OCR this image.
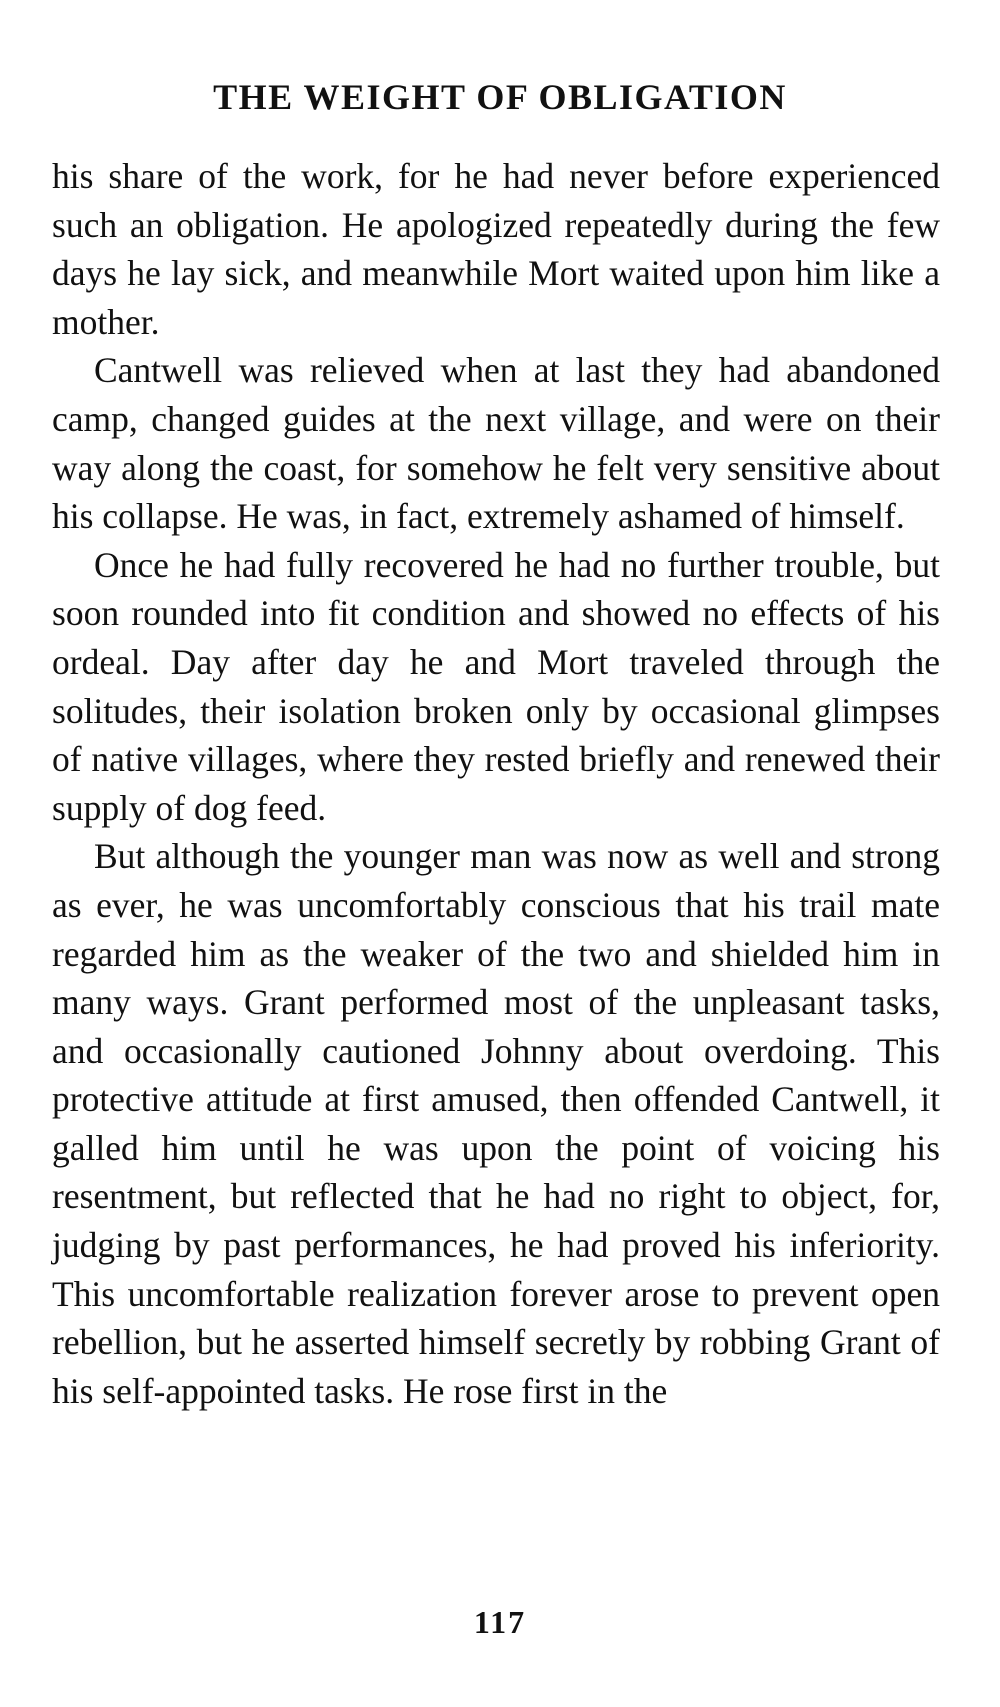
THE WEIGHT OF OBLIGATION

his share of the work, for he had never before experienced such an obligation. He apologized repeatedly during the few days he lay sick, and meanwhile Mort waited upon him like a mother.

Cantwell was relieved when at last they had abandoned camp, changed guides at the next village, and were on their way along the coast, for somehow he felt very sensitive about his collapse. He was, in fact, extremely ashamed of himself.

Once he had fully recovered he had no further trouble, but soon rounded into fit condition and showed no effects of his ordeal. Day after day he and Mort traveled through the solitudes, their isolation broken only by occasional glimpses of native villages, where they rested briefly and renewed their supply of dog feed.

But although the younger man was now as well and strong as ever, he was uncomfortably conscious that his trail mate regarded him as the weaker of the two and shielded him in many ways. Grant performed most of the unpleasant tasks, and occasionally cautioned Johnny about overdoing. This protective attitude at first amused, then offended Cantwell, it galled him until he was upon the point of voicing his resentment, but reflected that he had no right to object, for, judging by past performances, he had proved his inferiority. This uncomfortable realization forever arose to prevent open rebellion, but he asserted himself secretly by robbing Grant of his self-appointed tasks. He rose first in the

117
